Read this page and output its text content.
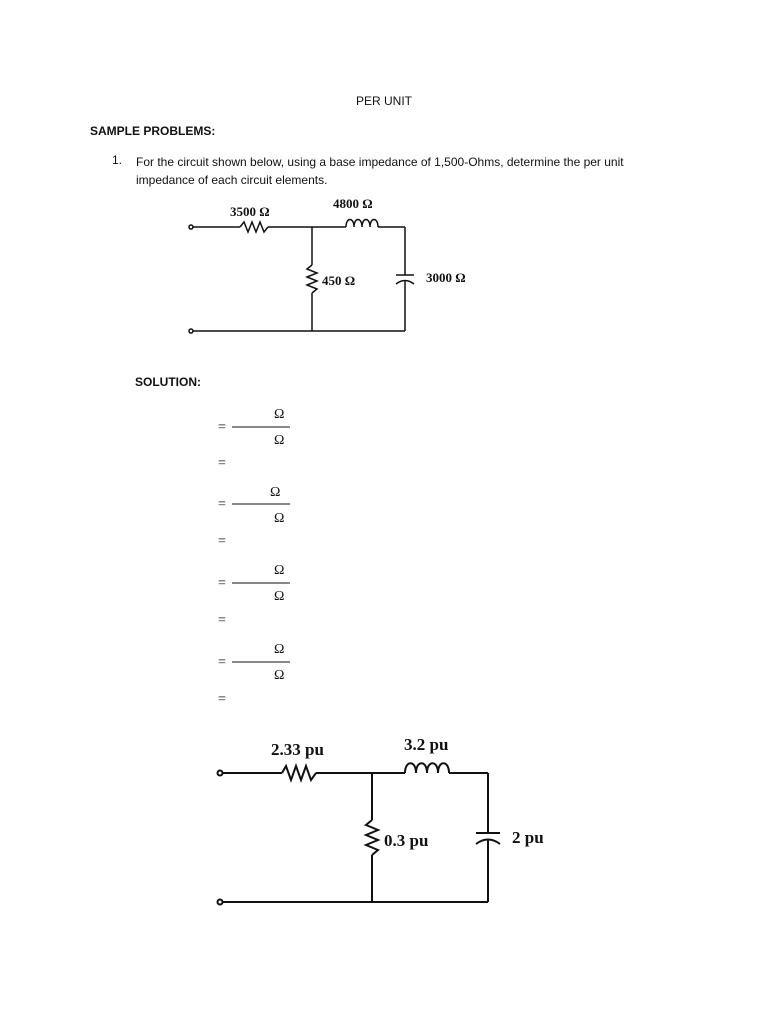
PER UNIT
SAMPLE PROBLEMS:
1. For the circuit shown below, using a base impedance of 1,500-Ohms, determine the per unit impedance of each circuit elements.
SOLUTION:
3500 Ω
4800 Ω
450 Ω	3000 Ω
=
Ω
Ω
=
=
Ω
Ω
=
=
Ω
Ω
=
=
Ω
Ω
=
2.33 pu	3.2 pu
0.3 pu	2 pu
